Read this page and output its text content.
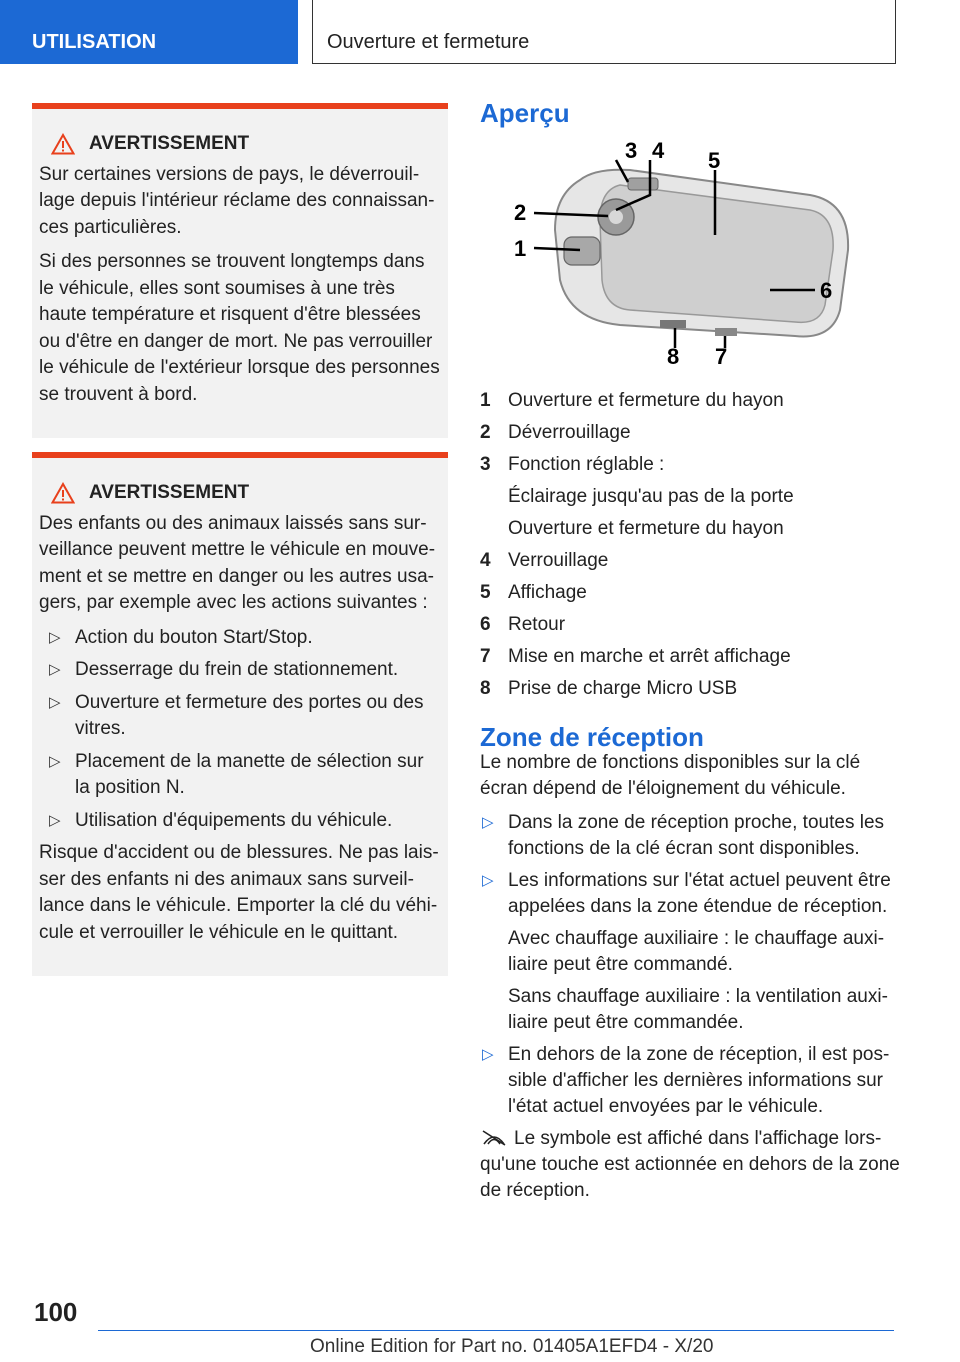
UTILISATION	Ouverture et fermeture
AVERTISSEMENT

Sur certaines versions de pays, le déverrouillage depuis l'intérieur réclame des connaissances particulières.

Si des personnes se trouvent longtemps dans le véhicule, elles sont soumises à une très haute température et risquent d'être blessées ou d'être en danger de mort. Ne pas verrouiller le véhicule de l'extérieur lorsque des personnes se trouvent à bord.

AVERTISSEMENT

Des enfants ou des animaux laissés sans surveillance peuvent mettre le véhicule en mouvement et se mettre en danger ou les autres usagers, par exemple avec les actions suivantes :

▷ Action du bouton Start/Stop.
▷ Desserrage du frein de stationnement.
▷ Ouverture et fermeture des portes ou des vitres.
▷ Placement de la manette de sélection sur la position N.
▷ Utilisation d'équipements du véhicule.

Risque d'accident ou de blessures. Ne pas laisser des enfants ni des animaux sans surveillance dans le véhicule. Emporter la clé du véhicule et verrouiller le véhicule en le quittant.

Aperçu
1
2
3 4 5
6
7
8
1 Ouverture et fermeture du hayon
2 Déverrouillage
3 Fonction réglable :
Éclairage jusqu'au pas de la porte
Ouverture et fermeture du hayon
4 Verrouillage
5 Affichage
6 Retour
7 Mise en marche et arrêt affichage
8 Prise de charge Micro USB
Zone de réception

Le nombre de fonctions disponibles sur la clé écran dépend de l'éloignement du véhicule.

▷ Dans la zone de réception proche, toutes les fonctions de la clé écran sont disponibles.
▷ Les informations sur l'état actuel peuvent être appelées dans la zone étendue de réception.
Avec chauffage auxiliaire : le chauffage auxiliaire peut être commandé.
Sans chauffage auxiliaire : la ventilation auxiliaire peut être commandée.
▷ En dehors de la zone de réception, il est possible d'afficher les dernières informations sur l'état actuel envoyées par le véhicule.

Le symbole est affiché dans l'affichage lorsqu'une touche est actionnée en dehors de la zone de réception.

100
Online Edition for Part no. 01405A1EFD4 - X/20
